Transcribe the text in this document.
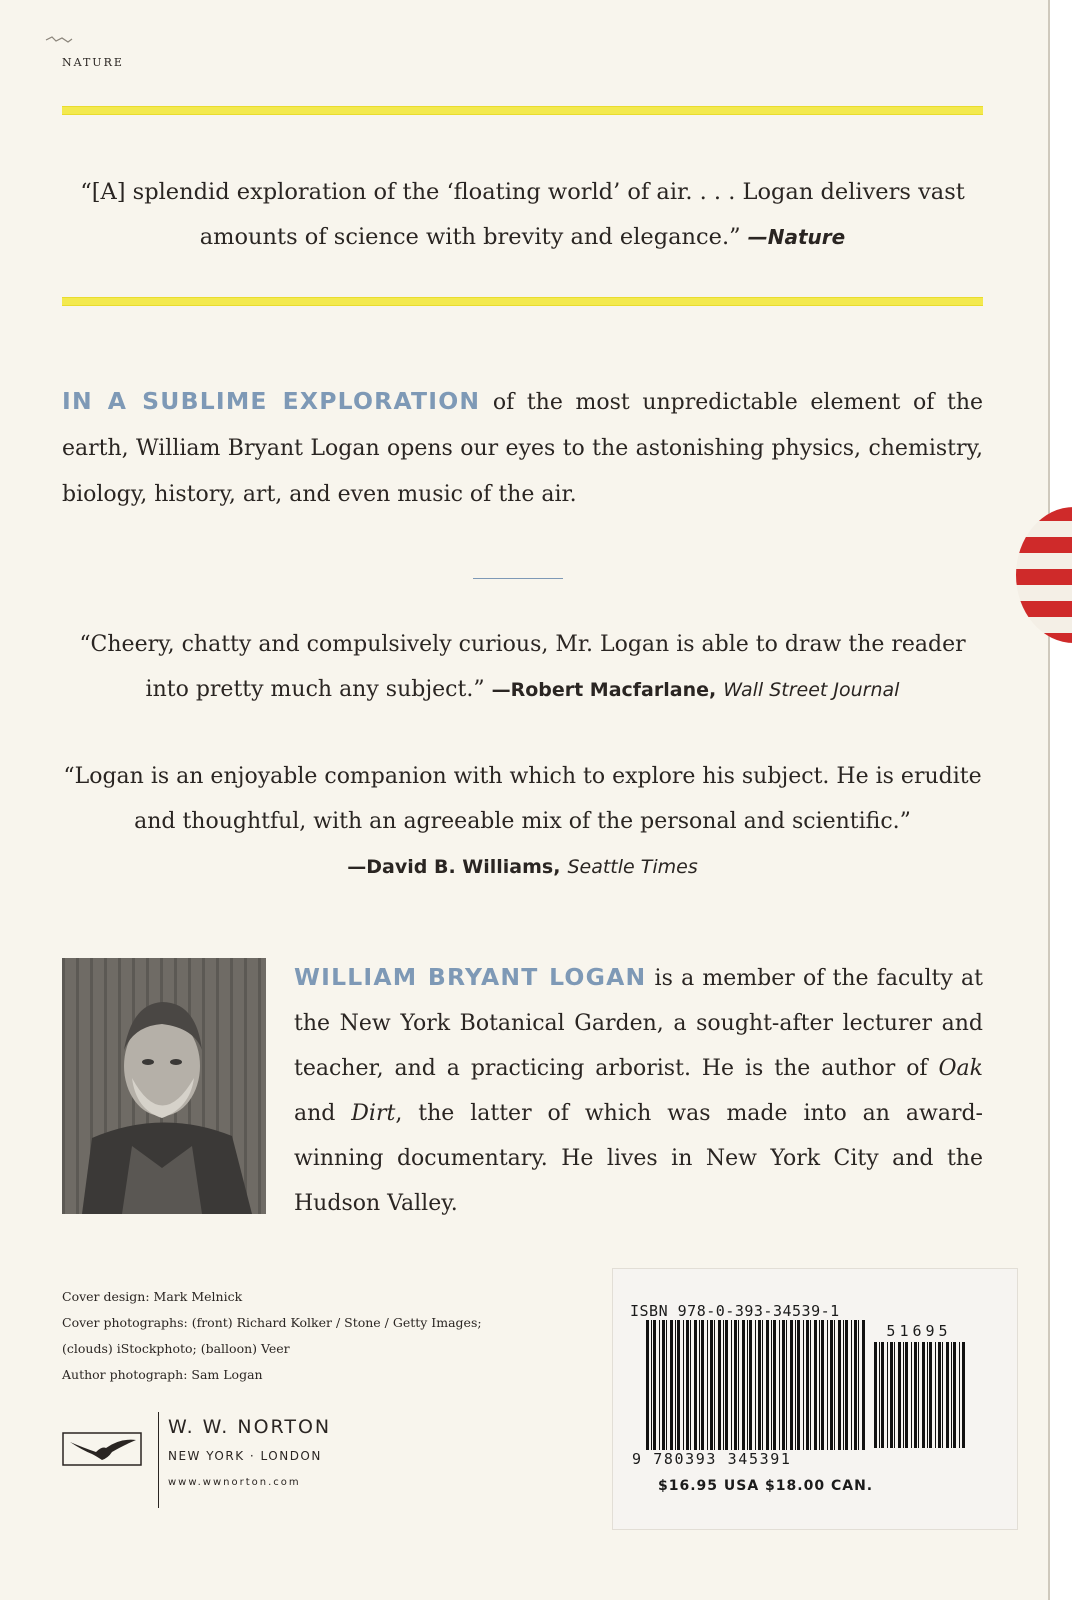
NATURE
“[A] splendid exploration of the ‘floating world’ of air. . . . Logan delivers vast amounts of science with brevity and elegance.” —Nature
IN A SUBLIME EXPLORATION of the most unpredictable element of the earth, William Bryant Logan opens our eyes to the astonishing physics, chemistry, biology, history, art, and even music of the air.
“Cheery, chatty and compulsively curious, Mr. Logan is able to draw the reader into pretty much any subject.” —Robert Macfarlane, Wall Street Journal
“Logan is an enjoyable companion with which to explore his subject. He is erudite and thoughtful, with an agreeable mix of the personal and scientific.”
—David B. Williams, Seattle Times
WILLIAM BRYANT LOGAN is a member of the faculty at the New York Botanical Garden, a sought-after lecturer and teacher, and a practicing arborist. He is the author of Oak and Dirt, the latter of which was made into an award-winning documentary. He lives in New York City and the Hudson Valley.
Cover design: Mark Melnick
Cover photographs: (front) Richard Kolker / Stone / Getty Images;
(clouds) iStockphoto; (balloon) Veer
Author photograph: Sam Logan
W. W. NORTON
NEW YORK · LONDON
www.wwnorton.com
ISBN 978-0-393-34539-1
51695
9 780393 345391
$16.95 USA $18.00 CAN.
